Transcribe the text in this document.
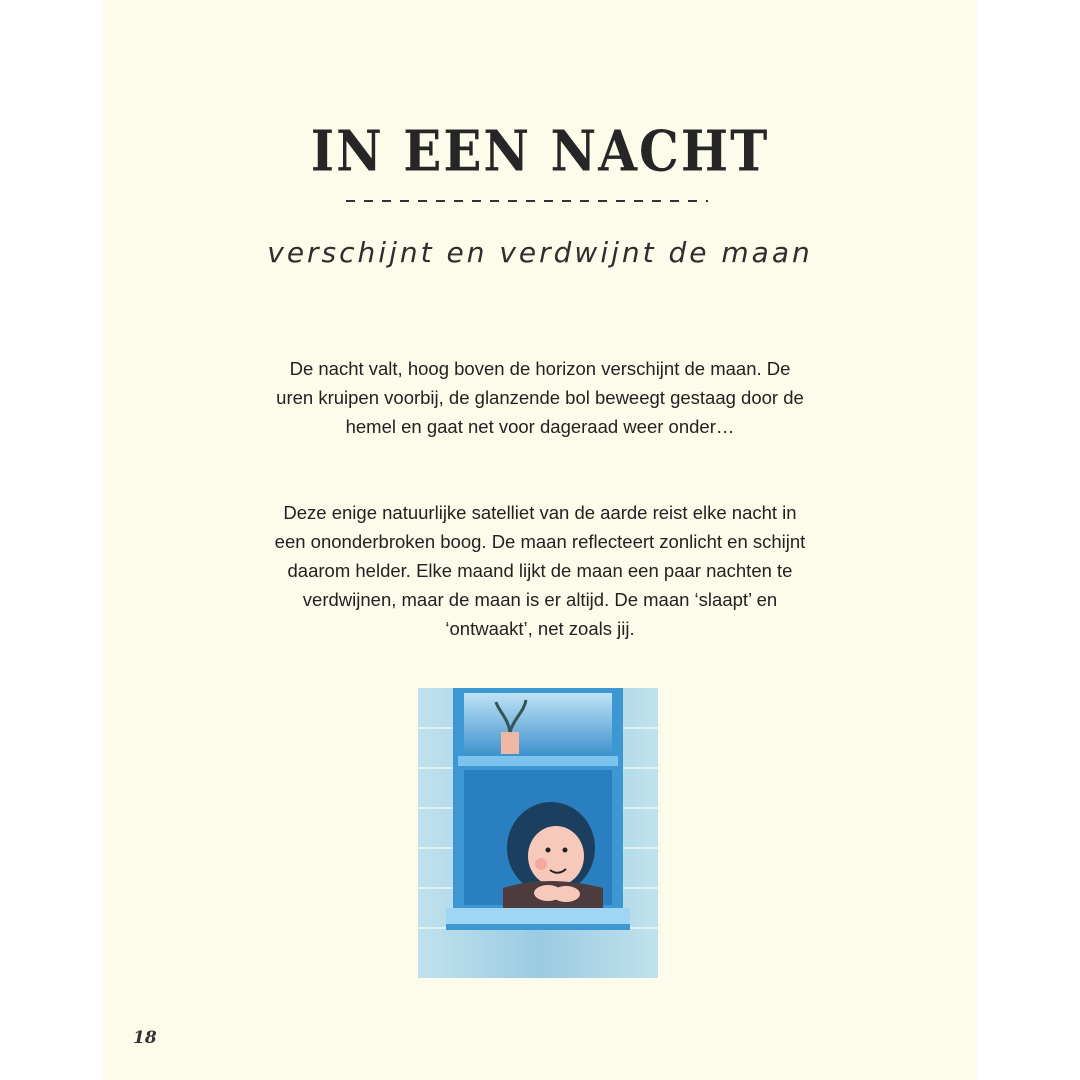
IN EEN NACHT
verschijnt en verdwijnt de maan

De nacht valt, hoog boven de horizon verschijnt de maan. De uren kruipen voorbij, de glanzende bol beweegt gestaag door de hemel en gaat net voor dageraad weer onder…

Deze enige natuurlijke satelliet van de aarde reist elke nacht in een ononderbroken boog. De maan reflecteert zonlicht en schijnt daarom helder. Elke maand lijkt de maan een paar nachten te verdwijnen, maar de maan is er altijd. De maan ‘slaapt’ en ‘ontwaakt’, net zoals jij.

18
